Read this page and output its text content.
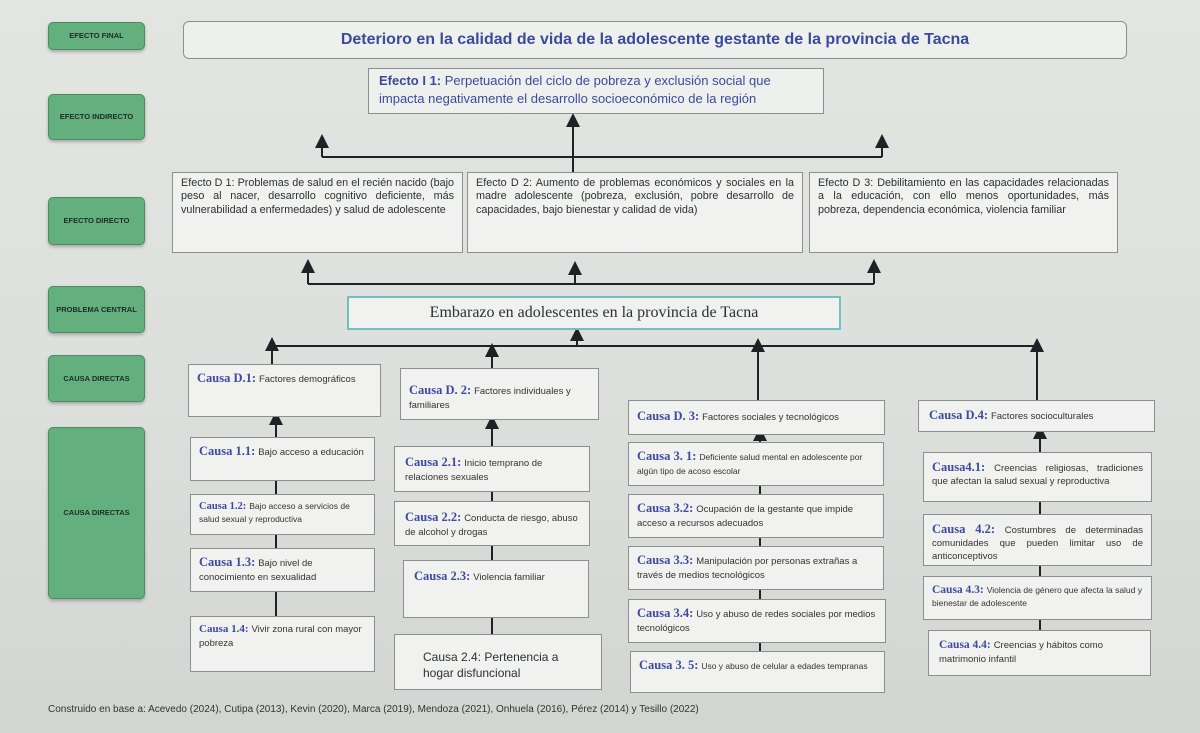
EFECTO FINAL
EFECTO INDIRECTO
EFECTO DIRECTO
PROBLEMA CENTRAL
CAUSA DIRECTAS
CAUSA DIRECTAS
Deterioro en la calidad de vida de la adolescente gestante de la provincia de Tacna
Efecto I 1: Perpetuación del ciclo de pobreza y exclusión social que impacta negativamente el desarrollo socioeconómico de la región
Efecto D 1: Problemas de salud en el recién nacido (bajo peso al nacer, desarrollo cognitivo deficiente, más vulnerabilidad a enfermedades) y salud de adolescente
Efecto D 2: Aumento de problemas económicos y sociales en la madre adolescente (pobreza, exclusión, pobre desarrollo de capacidades, bajo bienestar y calidad de vida)
Efecto D 3: Debilitamiento en las capacidades relacionadas a la educación, con ello menos oportunidades, más pobreza, dependencia económica, violencia familiar
Embarazo en adolescentes en la provincia de Tacna
Causa D.1: Factores demográficos
Causa D. 2: Factores individuales y familiares
Causa D. 3: Factores sociales y tecnológicos	Causa D.4: Factores socioculturales
Causa 1.1: Bajo acceso a educación
Causa 1.2: Bajo acceso a servicios de salud sexual y reproductiva
Causa 1.3: Bajo nivel de conocimiento en sexualidad
Causa 1.4: Vivir zona rural con mayor pobreza
Causa 2.1: Inicio temprano de relaciones sexuales
Causa 2.2: Conducta de riesgo, abuso de alcohol y drogas
Causa 2.3: Violencia familiar
Causa 2.4: Pertenencia a hogar disfuncional
Causa 3. 1: Deficiente salud mental en adolescente por algún tipo de acoso escolar
Causa 3.2: Ocupación de la gestante que impide acceso a recursos adecuados
Causa 3.3: Manipulación por personas extrañas a través de medios tecnológicos
Causa 3.4: Uso y abuso de redes sociales por medios tecnológicos
Causa 3. 5: Uso y abuso de celular a edades tempranas
Causa4.1: Creencias religiosas, tradiciones que afectan la salud sexual y reproductiva
Causa 4.2: Costumbres de determinadas comunidades que pueden limitar uso de anticonceptivos
Causa 4.3: Violencia de género que afecta la salud y bienestar de adolescente
Causa 4.4: Creencias y hábitos como matrimonio infantil
Construido en base a: Acevedo (2024), Cutipa (2013), Kevin (2020), Marca (2019), Mendoza (2021), Onhuela (2016), Pérez (2014) y Tesillo (2022)
